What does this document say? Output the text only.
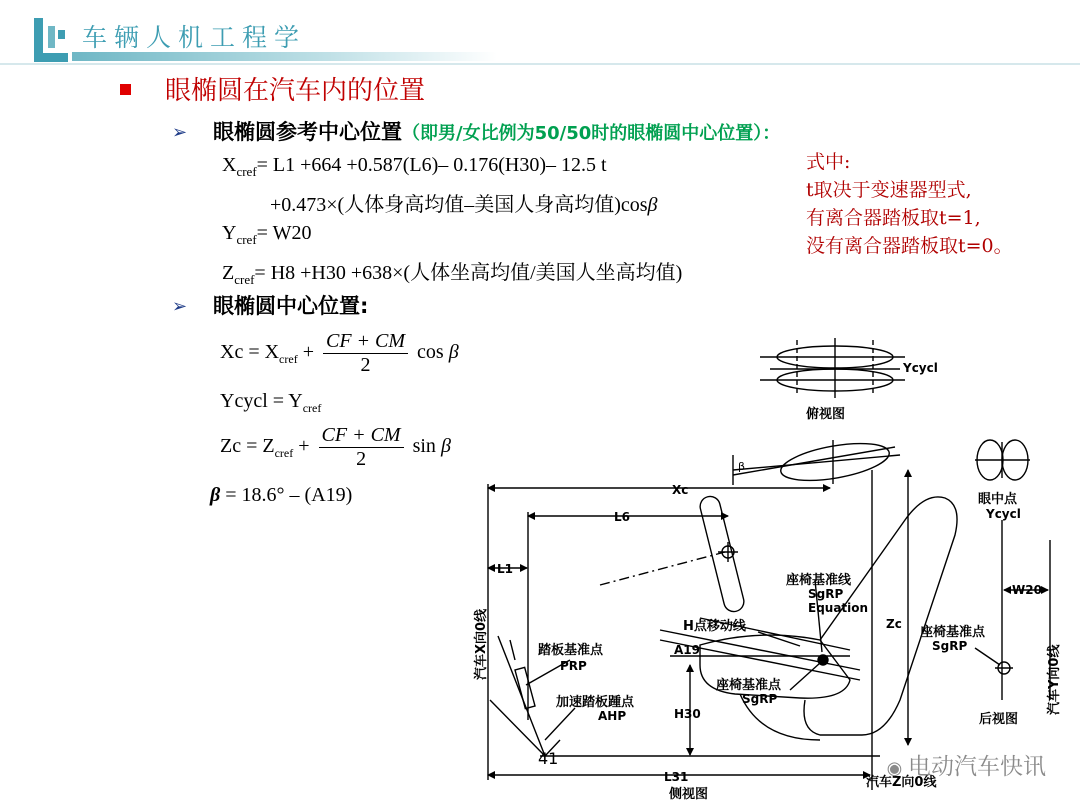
车辆人机工程学
眼椭圆在汽车内的位置
➢ 眼椭圆参考中心位置（即男/女比例为50/50时的眼椭圆中心位置）：
$X_{cref}= L1 +664 +0.587(L6)-$ 0.176(H30)– 12.5 t
+0.473×(人体身高均值–美国人身高均值)cosβ
$Y_{cref}= W20$
$Z_{cref}= H8 +H30 +638\times$(人体坐高均值/美国人坐高均值)
式中:
t取决于变速器型式,
有离合器踏板取t=1,
没有离合器踏板取t=0。
➢ 眼椭圆中心位置:
$Xc = X_{cref} + \frac{CF + CM}{2}$ cos β
Ycycl = $Y_{cref}$
$Zc = Z_{cref} + \frac{CF + CM}{2}$ sin β
β = 18.6° – (A19)
Ycycl
俯视图
β
Xc
L6
L1
Zc
A19
H30
L31
W20
座椅基准线
SgRP
Equation
H点移动线
踏板基准点
PRP
加速踏板踵点
AHP
座椅基准点
SgRP
座椅基准点
SgRP
眼中点
Ycycl
后视图
侧视图
41
汽车Z向0线
汽车X向0线	汽车Y向0线
◉ 电动汽车快讯
